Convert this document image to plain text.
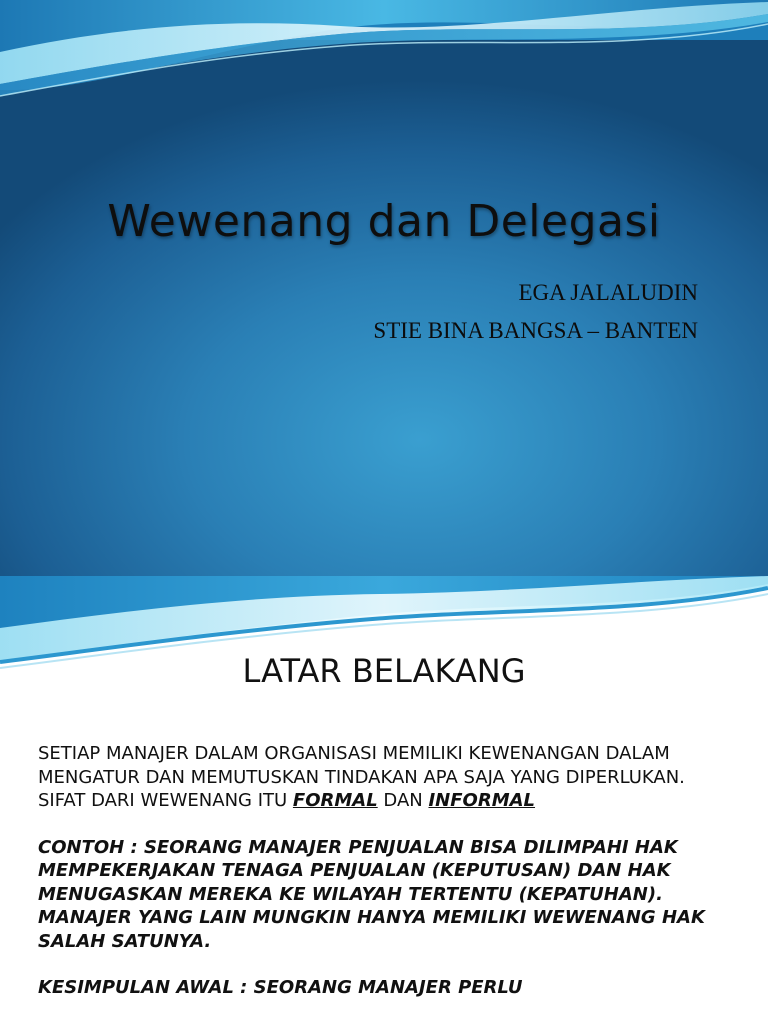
Wewenang dan Delegasi

EGA JALALUDIN

STIE BINA BANGSA – BANTEN

LATAR BELAKANG

SETIAP MANAJER DALAM ORGANISASI MEMILIKI KEWENANGAN DALAM MENGATUR DAN MEMUTUSKAN TINDAKAN APA SAJA YANG DIPERLUKAN.

SIFAT DARI WEWENANG ITU FORMAL DAN INFORMAL

CONTOH : SEORANG MANAJER PENJUALAN BISA DILIMPAHI HAK MEMPEKERJAKAN TENAGA PENJUALAN (KEPUTUSAN) DAN HAK MENUGASKAN MEREKA KE WILAYAH TERTENTU (KEPATUHAN). MANAJER YANG LAIN MUNGKIN HANYA MEMILIKI WEWENANG HAK SALAH SATUNYA.

KESIMPULAN AWAL : SEORANG MANAJER PERLU
